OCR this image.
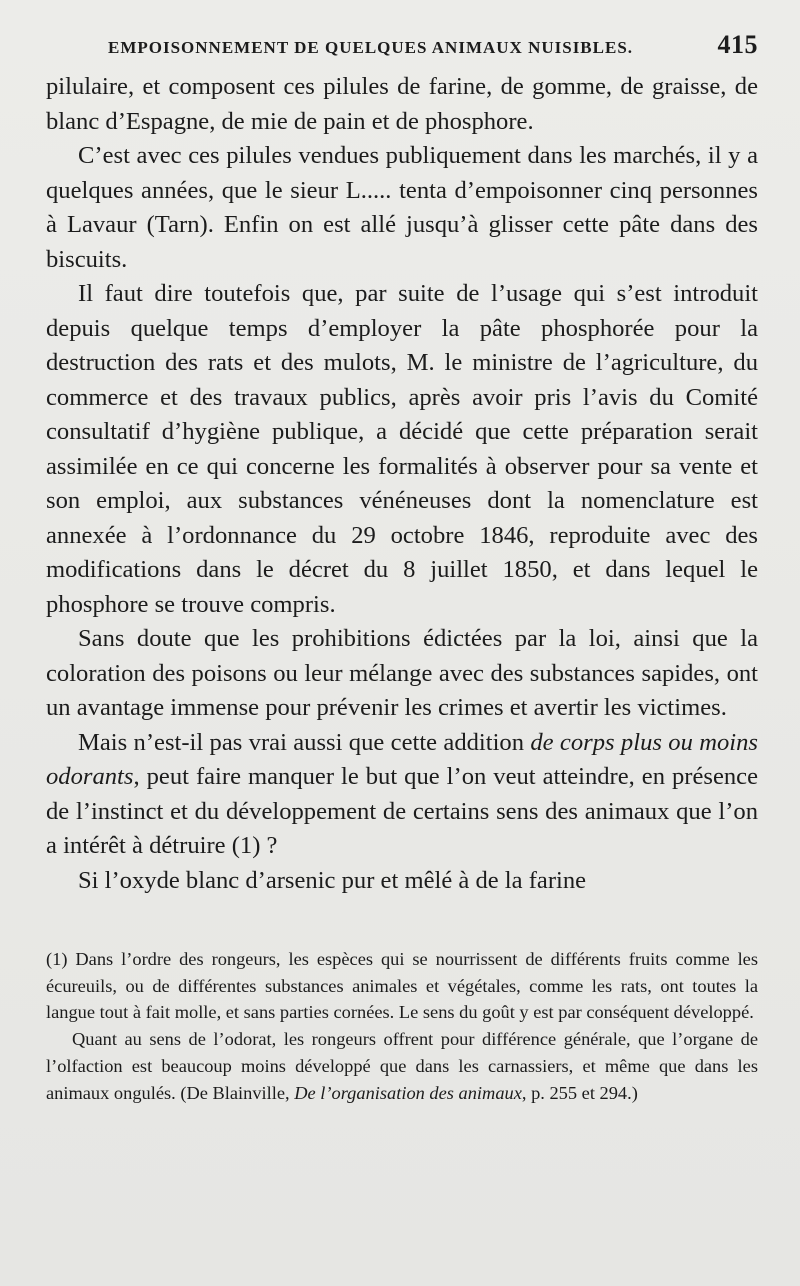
EMPOISONNEMENT DE QUELQUES ANIMAUX NUISIBLES.	415

pilulaire, et composent ces pilules de farine, de gomme, de graisse, de blanc d’Espagne, de mie de pain et de phosphore.

C’est avec ces pilules vendues publiquement dans les marchés, il y a quelques années, que le sieur L..... tenta d’empoisonner cinq personnes à Lavaur (Tarn). Enfin on est allé jusqu’à glisser cette pâte dans des biscuits.

Il faut dire toutefois que, par suite de l’usage qui s’est introduit depuis quelque temps d’employer la pâte phosphorée pour la destruction des rats et des mulots, M. le ministre de l’agriculture, du commerce et des travaux publics, après avoir pris l’avis du Comité consultatif d’hygiène publique, a décidé que cette préparation serait assimilée en ce qui concerne les formalités à observer pour sa vente et son emploi, aux substances vénéneuses dont la nomenclature est annexée à l’ordonnance du 29 octobre 1846, reproduite avec des modifications dans le décret du 8 juillet 1850, et dans lequel le phosphore se trouve compris.

Sans doute que les prohibitions édictées par la loi, ainsi que la coloration des poisons ou leur mélange avec des substances sapides, ont un avantage immense pour prévenir les crimes et avertir les victimes.

Mais n’est-il pas vrai aussi que cette addition de corps plus ou moins odorants, peut faire manquer le but que l’on veut atteindre, en présence de l’instinct et du développement de certains sens des animaux que l’on a intérêt à détruire (1) ?

Si l’oxyde blanc d’arsenic pur et mêlé à de la farine

(1) Dans l’ordre des rongeurs, les espèces qui se nourrissent de différents fruits comme les écureuils, ou de différentes substances animales et végétales, comme les rats, ont toutes la langue tout à fait molle, et sans parties cornées. Le sens du goût y est par conséquent développé.

Quant au sens de l’odorat, les rongeurs offrent pour différence générale, que l’organe de l’olfaction est beaucoup moins développé que dans les carnassiers, et même que dans les animaux ongulés. (De Blainville, De l’organisation des animaux, p. 255 et 294.)
